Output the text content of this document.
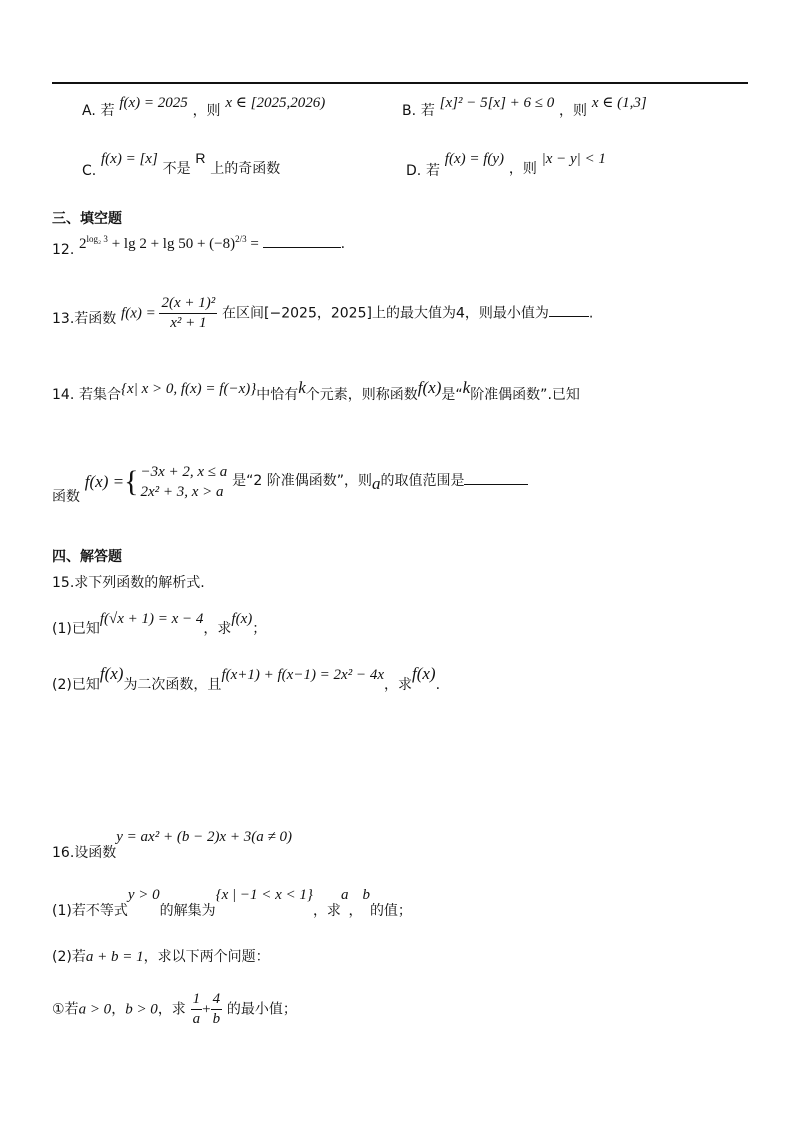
A. 若 f(x) = 2025 ，则 x ∈ [2025,2026)	B. 若 [x]² − 5[x] + 6 ≤ 0 ，则 x ∈ (1,3]
C. f(x) = [x] 不是 R 上的奇函数	D. 若 f(x) = f(y) ，则 |x − y| < 1
三、填空题
12. $2^{log_2 3} + \lg 2 + \lg 50 + (-8)^{2/3}$ =	.
13.若函数 $f(x) = \frac{\text{2(x + 1)²}}{\text{x² + 1}}$ 在区间[−2025，2025]上的最大值为4，则最小值为	.
14. 若集合{x| x > 0, f(x) = f(−x)}中恰有k个元素，则称函数f(x)是“k阶准偶函数”.已知
函数
f(x) = { −3x + 2, x ≤ a
2x² + 3, x > a
是“2 阶准偶函数”，则a的取值范围是
四、解答题
15.求下列函数的解析式.
(1)已知f(√x + 1) = x − 4，求f(x)；
(2)已知f(x)为二次函数，且f(x+1) + f(x−1) = 2x² − 4x，求f(x).
16.设函数y = ax² + (b − 2)x + 3(a ≠ 0)
(1)若不等式y > 0的解集为{x | −1 < x < 1}，求a，b的值；
(2)若a + b = 1，求以下两个问题：
①若a > 0，b > 0，求 $\frac{1}{a} + \frac{4}{b}$ 的最小值；
